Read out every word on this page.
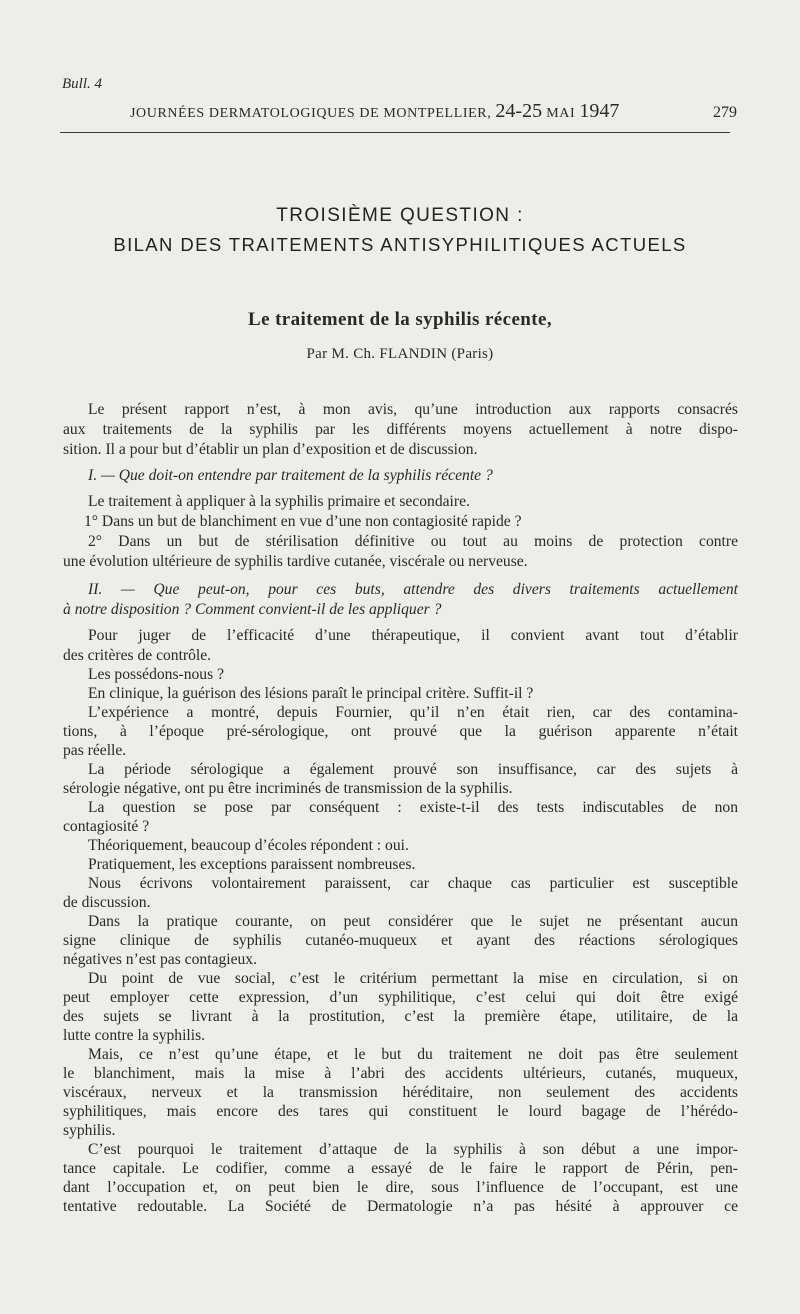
Bull. 4
JOURNÉES DERMATOLOGIQUES DE MONTPELLIER, 24-25 MAI 1947	279
TROISIÈME QUESTION :
BILAN DES TRAITEMENTS ANTISYPHILITIQUES ACTUELS
Le traitement de la syphilis récente,
Par M. Ch. FLANDIN (Paris)
Le présent rapport n’est, à mon avis, qu’une introduction aux rapports consacrés
aux traitements de la syphilis par les différents moyens actuellement à notre dispo-
sition. Il a pour but d’établir un plan d’exposition et de discussion.
I. — Que doit-on entendre par traitement de la syphilis récente ?
Le traitement à appliquer à la syphilis primaire et secondaire.
1° Dans un but de blanchiment en vue d’une non contagiosité rapide ?
2° Dans un but de stérilisation définitive ou tout au moins de protection contre
une évolution ultérieure de syphilis tardive cutanée, viscérale ou nerveuse.
II. — Que peut-on, pour ces buts, attendre des divers traitements actuellement
à notre disposition ? Comment convient-il de les appliquer ?
Pour juger de l’efficacité d’une thérapeutique, il convient avant tout d’établir
des critères de contrôle.
Les possédons-nous ?
En clinique, la guérison des lésions paraît le principal critère. Suffit-il ?
L’expérience a montré, depuis Fournier, qu’il n’en était rien, car des contamina-
tions, à l’époque pré-sérologique, ont prouvé que la guérison apparente n’était
pas réelle.
La période sérologique a également prouvé son insuffisance, car des sujets à
sérologie négative, ont pu être incriminés de transmission de la syphilis.
La question se pose par conséquent : existe-t-il des tests indiscutables de non
contagiosité ?
Théoriquement, beaucoup d’écoles répondent : oui.
Pratiquement, les exceptions paraissent nombreuses.
Nous écrivons volontairement paraissent, car chaque cas particulier est susceptible
de discussion.
Dans la pratique courante, on peut considérer que le sujet ne présentant aucun
signe clinique de syphilis cutanéo-muqueux et ayant des réactions sérologiques
négatives n’est pas contagieux.
Du point de vue social, c’est le critérium permettant la mise en circulation, si on
peut employer cette expression, d’un syphilitique, c’est celui qui doit être exigé
des sujets se livrant à la prostitution, c’est la première étape, utilitaire, de la
lutte contre la syphilis.
Mais, ce n’est qu’une étape, et le but du traitement ne doit pas être seulement
le blanchiment, mais la mise à l’abri des accidents ultérieurs, cutanés, muqueux,
viscéraux, nerveux et la transmission héréditaire, non seulement des accidents
syphilitiques, mais encore des tares qui constituent le lourd bagage de l’hérédo-
syphilis.
C’est pourquoi le traitement d’attaque de la syphilis à son début a une impor-
tance capitale. Le codifier, comme a essayé de le faire le rapport de Périn, pen-
dant l’occupation et, on peut bien le dire, sous l’influence de l’occupant, est une
tentative redoutable. La Société de Dermatologie n’a pas hésité à approuver ce
